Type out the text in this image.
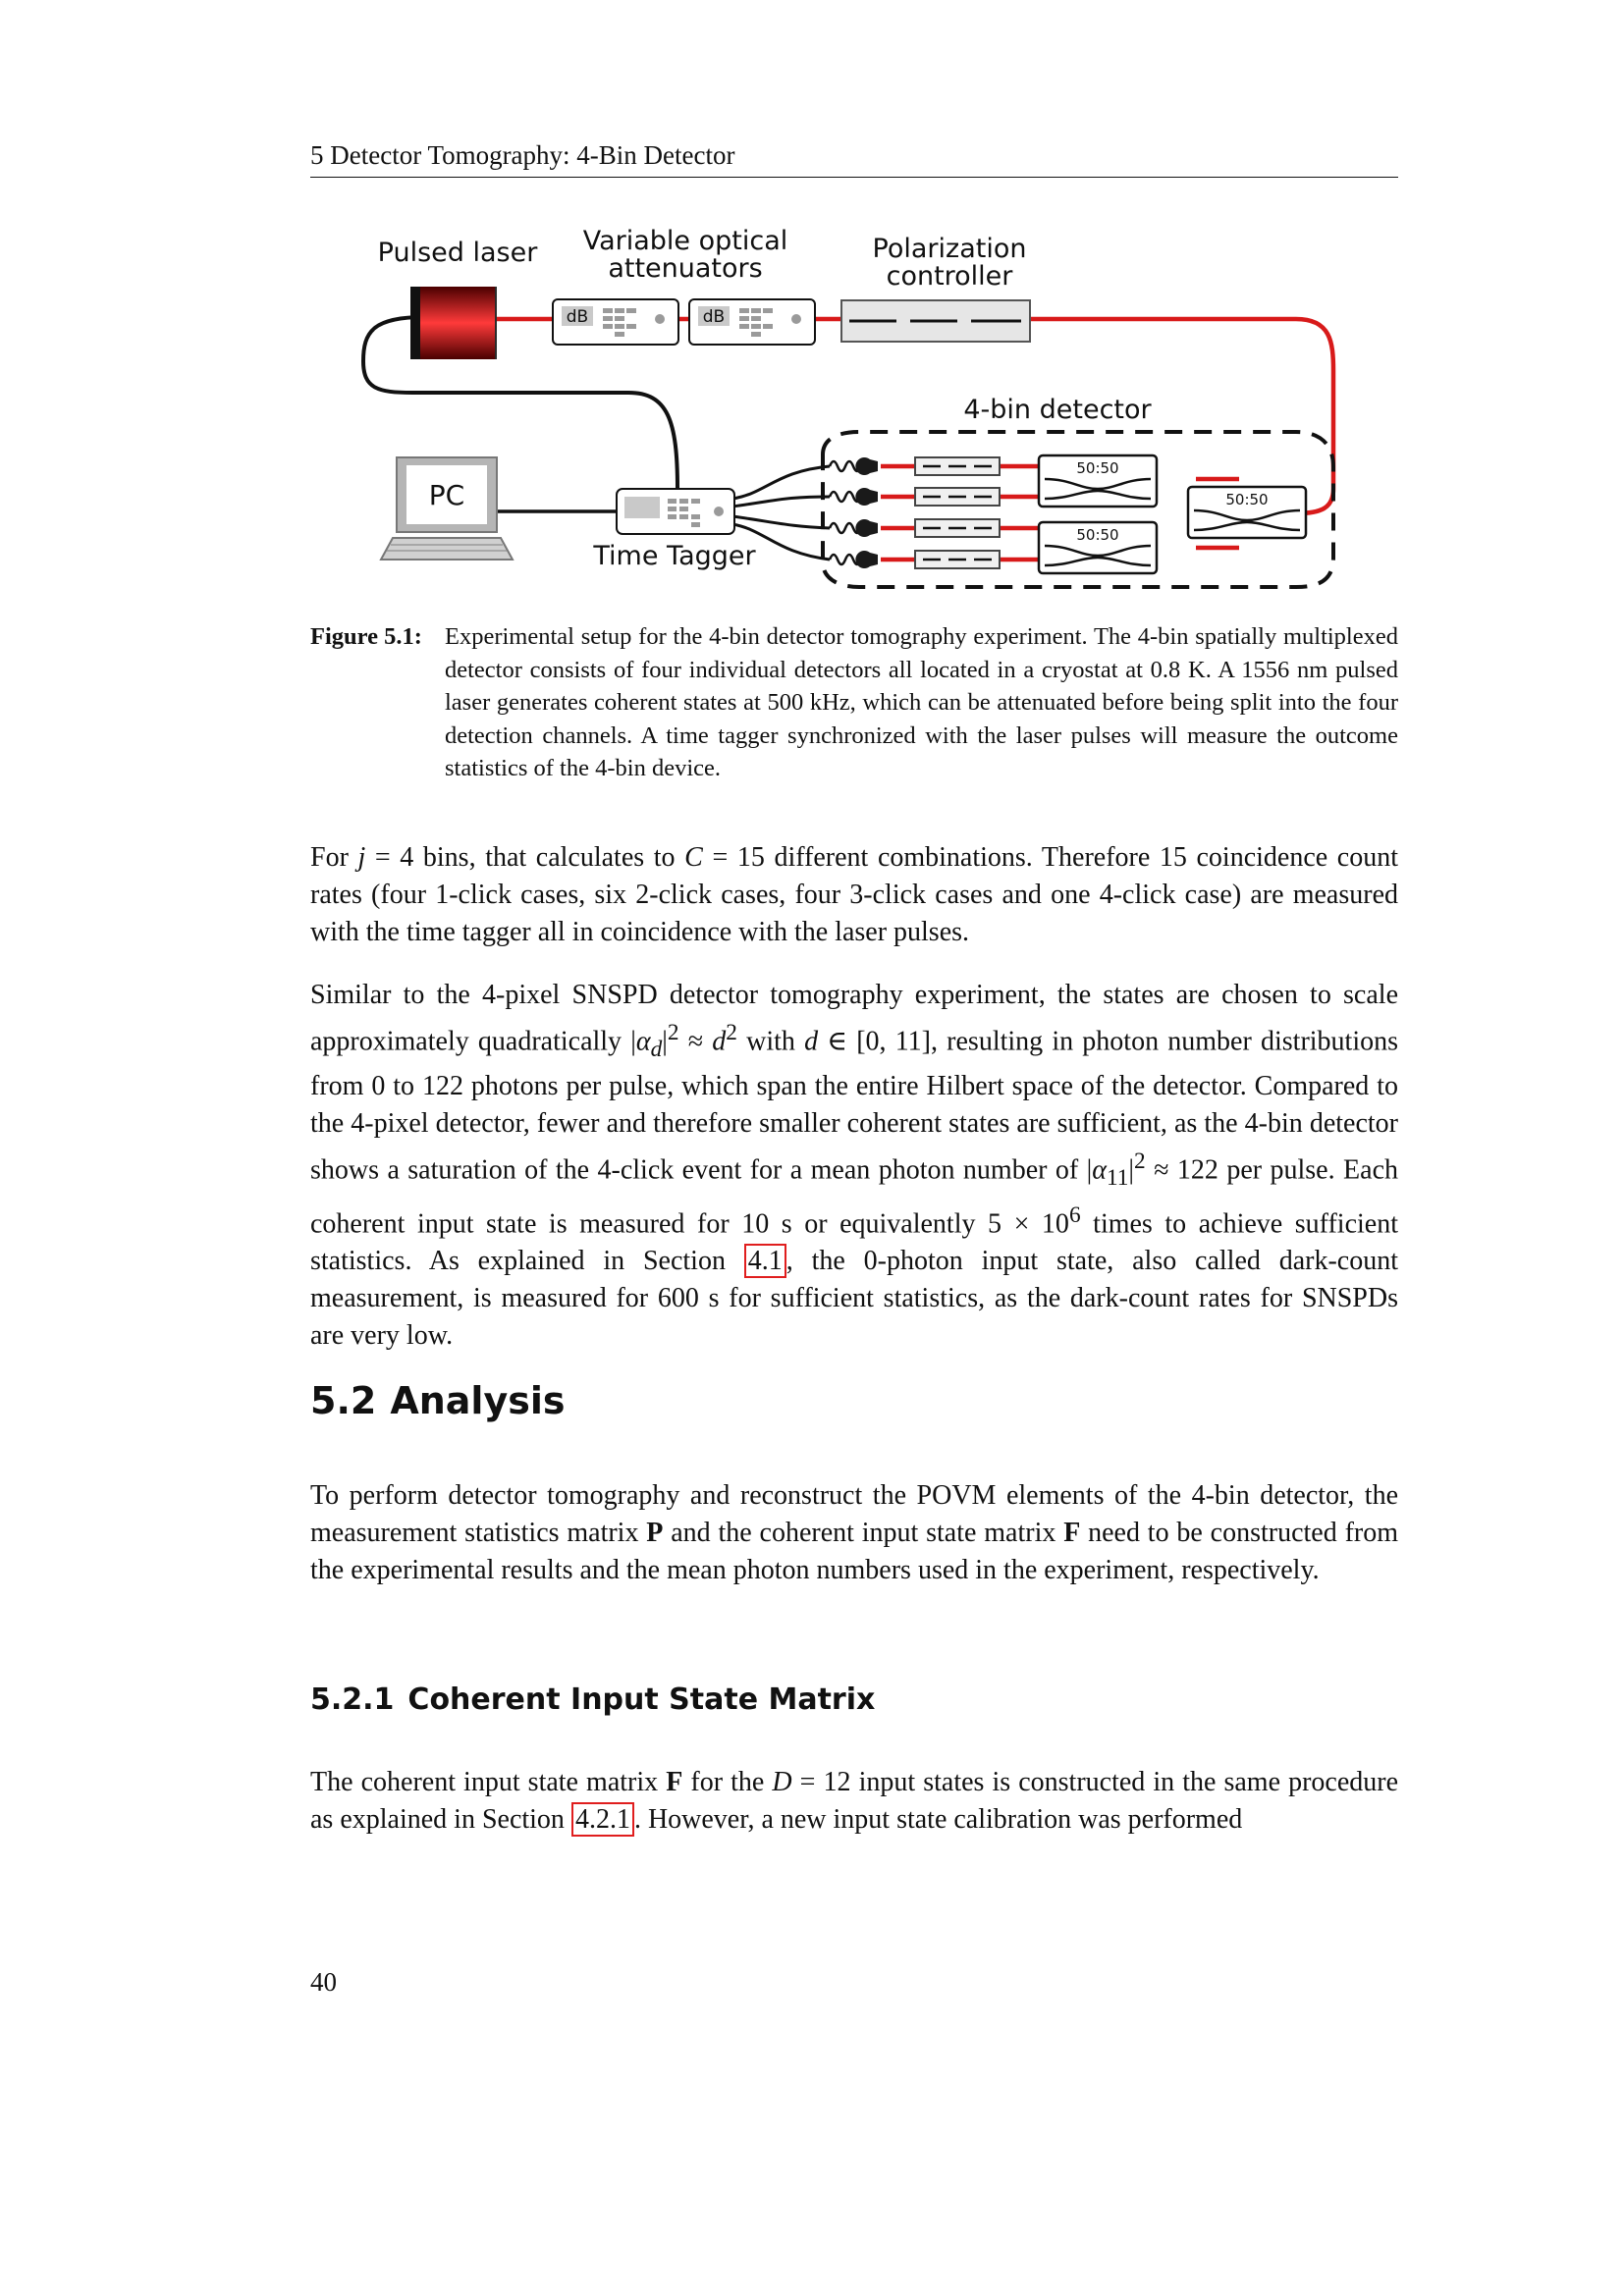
5 Detector Tomography: 4-Bin Detector
Pulsed laser Variable optical
attenuators
Polarization
controller
4-bin detector
dB	dB
50:50
50:50
50:50
PC
Time Tagger
Figure 5.1: Experimental setup for the 4-bin detector tomography experiment. The 4-bin spatially multiplexed detector consists of four individual detectors all located in a cryostat at 0.8 K. A 1556 nm pulsed laser generates coherent states at 500 kHz, which can be attenuated before being split into the four detection channels. A time tagger synchronized with the laser pulses will measure the outcome statistics of the 4-bin device.

For j = 4 bins, that calculates to C = 15 different combinations. Therefore 15 coincidence count rates (four 1-click cases, six 2-click cases, four 3-click cases and one 4-click case) are measured with the time tagger all in coincidence with the laser pulses.

Similar to the 4-pixel SNSPD detector tomography experiment, the states are chosen to scale approximately quadratically $|\alpha_d|^2 \approx d^2$ with d ∈ [0, 11], resulting in photon number distributions from 0 to 122 photons per pulse, which span the entire Hilbert space of the detector. Compared to the 4-pixel detector, fewer and therefore smaller coherent states are sufficient, as the 4-bin detector shows a saturation of the 4-click event for a mean photon number of $|\alpha_{11}|^2 \approx 122$ per pulse. Each coherent input state is measured for 10 s or equivalently $5 \times 10^6$ times to achieve sufficient statistics. As explained in Section 4.1 , the 0-photon input state, also called dark-count measurement, is measured for 600 s for sufficient statistics, as the dark-count rates for SNSPDs are very low.

5.2 Analysis

To perform detector tomography and reconstruct the POVM elements of the 4-bin detector, the measurement statistics matrix P and the coherent input state matrix F need to be constructed from the experimental results and the mean photon numbers used in the experiment, respectively.

5.2.1 Coherent Input State Matrix

The coherent input state matrix F for the D = 12 input states is constructed in the same procedure as explained in Section 4.2.1 . However, a new input state calibration was performed

40
